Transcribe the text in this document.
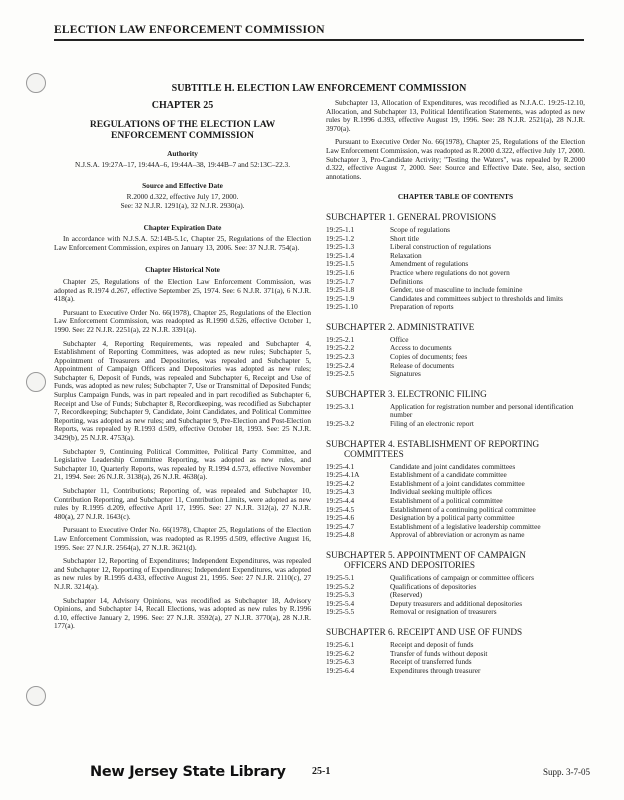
ELECTION LAW ENFORCEMENT COMMISSION
SUBTITLE H. ELECTION LAW ENFORCEMENT COMMISSION
CHAPTER 25
REGULATIONS OF THE ELECTION LAW
ENFORCEMENT COMMISSION
Authority
N.J.S.A. 19:27A–17, 19:44A–6, 19:44A–38, 19:44B–7 and 52:13C–22.3.
Source and Effective Date
R.2000 d.322, effective July 17, 2000.
See: 32 N.J.R. 1291(a), 32 N.J.R. 2930(a).
Chapter Expiration Date

In accordance with N.J.S.A. 52:14B-5.1c, Chapter 25, Regulations of the Election Law Enforcement Commission, expires on January 13, 2006. See: 37 N.J.R. 754(a).

Chapter Historical Note

Chapter 25, Regulations of the Election Law Enforcement Commission, was adopted as R.1974 d.267, effective September 25, 1974. See: 6 N.J.R. 371(a), 6 N.J.R. 418(a).

Pursuant to Executive Order No. 66(1978), Chapter 25, Regulations of the Election Law Enforcement Commission, was readopted as R.1990 d.526, effective October 1, 1990. See: 22 N.J.R. 2251(a), 22 N.J.R. 3391(a).

Subchapter 4, Reporting Requirements, was repealed and Subchapter 4, Establishment of Reporting Committees, was adopted as new rules; Subchapter 5, Appointment of Treasurers and Depositories, was repealed and Subchapter 5, Appointment of Campaign Officers and Depositories was adopted as new rules; Subchapter 6, Deposit of Funds, was repealed and Subchapter 6, Receipt and Use of Funds, was adopted as new rules; Subchapter 7, Use or Transmittal of Deposited Funds; Surplus Campaign Funds, was in part repealed and in part recodified as Subchapter 6, Receipt and Use of Funds; Subchapter 8, Recordkeeping, was recodified as Subchapter 7, Recordkeeping; Subchapter 9, Candidate, Joint Candidates, and Political Committee Reporting, was adopted as new rules; and Subchapter 9, Pre-Election and Post-Election Reports, was repealed by R.1993 d.509, effective October 18, 1993. See: 25 N.J.R. 3429(b), 25 N.J.R. 4753(a).

Subchapter 9, Continuing Political Committee, Political Party Committee, and Legislative Leadership Committee Reporting, was adopted as new rules, and Subchapter 10, Quarterly Reports, was repealed by R.1994 d.573, effective November 21, 1994. See: 26 N.J.R. 3138(a), 26 N.J.R. 4638(a).

Subchapter 11, Contributions; Reporting of, was repealed and Subchapter 10, Contribution Reporting, and Subchapter 11, Contribution Limits, were adopted as new rules by R.1995 d.209, effective April 17, 1995. See: 27 N.J.R. 312(a), 27 N.J.R. 480(a), 27 N.J.R. 1643(c).

Pursuant to Executive Order No. 66(1978), Chapter 25, Regulations of the Election Law Enforcement Commission, was readopted as R.1995 d.509, effective August 16, 1995. See: 27 N.J.R. 2564(a), 27 N.J.R. 3621(d).

Subchapter 12, Reporting of Expenditures; Independent Expenditures, was repealed and Subchapter 12, Reporting of Expenditures; Independent Expenditures, was adopted as new rules by R.1995 d.433, effective August 21, 1995. See: 27 N.J.R. 2110(c), 27 N.J.R. 3214(a).

Subchapter 14, Advisory Opinions, was recodified as Subchapter 18, Advisory Opinions, and Subchapter 14, Recall Elections, was adopted as new rules by R.1996 d.10, effective January 2, 1996. See: 27 N.J.R. 3592(a), 27 N.J.R. 3770(a), 28 N.J.R. 177(a).

Subchapter 13, Allocation of Expenditures, was recodified as N.J.A.C. 19:25-12.10, Allocation, and Subchapter 13, Political Identification Statements, was adopted as new rules by R.1996 d.393, effective August 19, 1996. See: 28 N.J.R. 2521(a), 28 N.J.R. 3970(a).

Pursuant to Executive Order No. 66(1978), Chapter 25, Regulations of the Election Law Enforcement Commission, was readopted as R.2000 d.322, effective July 17, 2000. Subchapter 3, Pro-Candidate Activity; "Testing the Waters", was repealed by R.2000 d.322, effective August 7, 2000. See: Source and Effective Date. See, also, section annotations.

CHAPTER TABLE OF CONTENTS
SUBCHAPTER 1. GENERAL PROVISIONS
19:25-1.1	Scope of regulations
19:25-1.2	Short title
19:25-1.3	Liberal construction of regulations
19:25-1.4	Relaxation
19:25-1.5	Amendment of regulations
19:25-1.6	Practice where regulations do not govern
19:25-1.7	Definitions
19:25-1.8	Gender, use of masculine to include feminine
19:25-1.9	Candidates and committees subject to thresholds and limits
19:25-1.10	Preparation of reports
SUBCHAPTER 2. ADMINISTRATIVE
19:25-2.1	Office
19:25-2.2	Access to documents
19:25-2.3	Copies of documents; fees
19:25-2.4	Release of documents
19:25-2.5	Signatures
SUBCHAPTER 3. ELECTRONIC FILING
19:25-3.1	Application for registration number and personal identification number
19:25-3.2	Filing of an electronic report
SUBCHAPTER 4. ESTABLISHMENT OF REPORTING
COMMITTEES
19:25-4.1	Candidate and joint candidates committees
19:25-4.1A	Establishment of a candidate committee
19:25-4.2	Establishment of a joint candidates committee
19:25-4.3	Individual seeking multiple offices
19:25-4.4	Establishment of a political committee
19:25-4.5	Establishment of a continuing political committee
19:25-4.6	Designation by a political party committee
19:25-4.7	Establishment of a legislative leadership committee
19:25-4.8	Approval of abbreviation or acronym as name
SUBCHAPTER 5. APPOINTMENT OF CAMPAIGN
OFFICERS AND DEPOSITORIES
19:25-5.1	Qualifications of campaign or committee officers
19:25-5.2	Qualifications of depositories
19:25-5.3	(Reserved)
19:25-5.4	Deputy treasurers and additional depositories
19:25-5.5	Removal or resignation of treasurers
SUBCHAPTER 6. RECEIPT AND USE OF FUNDS
19:25-6.1	Receipt and deposit of funds
19:25-6.2	Transfer of funds without deposit
19:25-6.3	Receipt of transferred funds
19:25-6.4	Expenditures through treasurer
New Jersey State Library	25-1	Supp. 3-7-05
